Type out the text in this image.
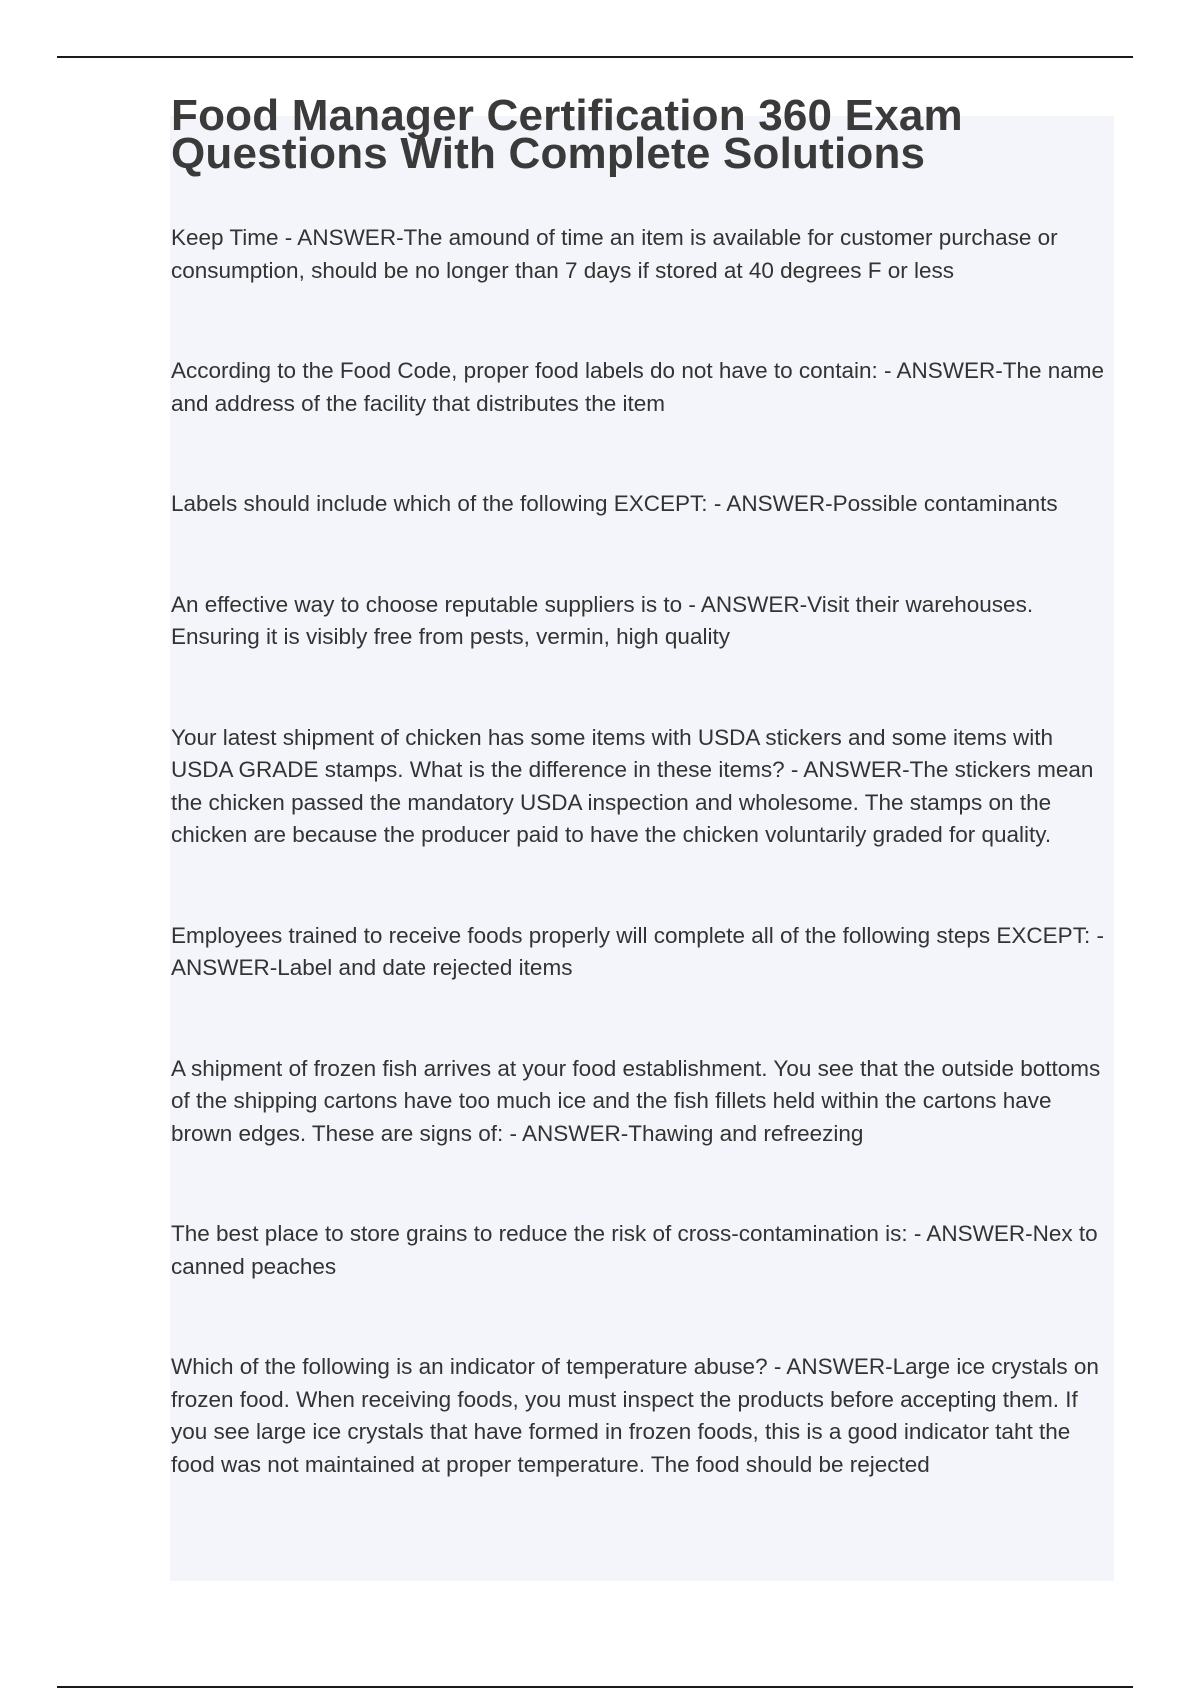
Food Manager Certification 360 Exam Questions With Complete Solutions
Keep Time - ANSWER-The amound of time an item is available for customer purchase or consumption, should be no longer than 7 days if stored at 40 degrees F or less
According to the Food Code, proper food labels do not have to contain: - ANSWER-The name and address of the facility that distributes the item
Labels should include which of the following EXCEPT: - ANSWER-Possible contaminants
An effective way to choose reputable suppliers is to - ANSWER-Visit their warehouses. Ensuring it is visibly free from pests, vermin, high quality
Your latest shipment of chicken has some items with USDA stickers and some items with USDA GRADE stamps. What is the difference in these items? - ANSWER-The stickers mean the chicken passed the mandatory USDA inspection and wholesome. The stamps on the chicken are because the producer paid to have the chicken voluntarily graded for quality.
Employees trained to receive foods properly will complete all of the following steps EXCEPT: - ANSWER-Label and date rejected items
A shipment of frozen fish arrives at your food establishment. You see that the outside bottoms of the shipping cartons have too much ice and the fish fillets held within the cartons have brown edges. These are signs of: - ANSWER-Thawing and refreezing
The best place to store grains to reduce the risk of cross-contamination is: - ANSWER-Nex to canned peaches
Which of the following is an indicator of temperature abuse? - ANSWER-Large ice crystals on frozen food. When receiving foods, you must inspect the products before accepting them. If you see large ice crystals that have formed in frozen foods, this is a good indicator taht the food was not maintained at proper temperature. The food should be rejected
